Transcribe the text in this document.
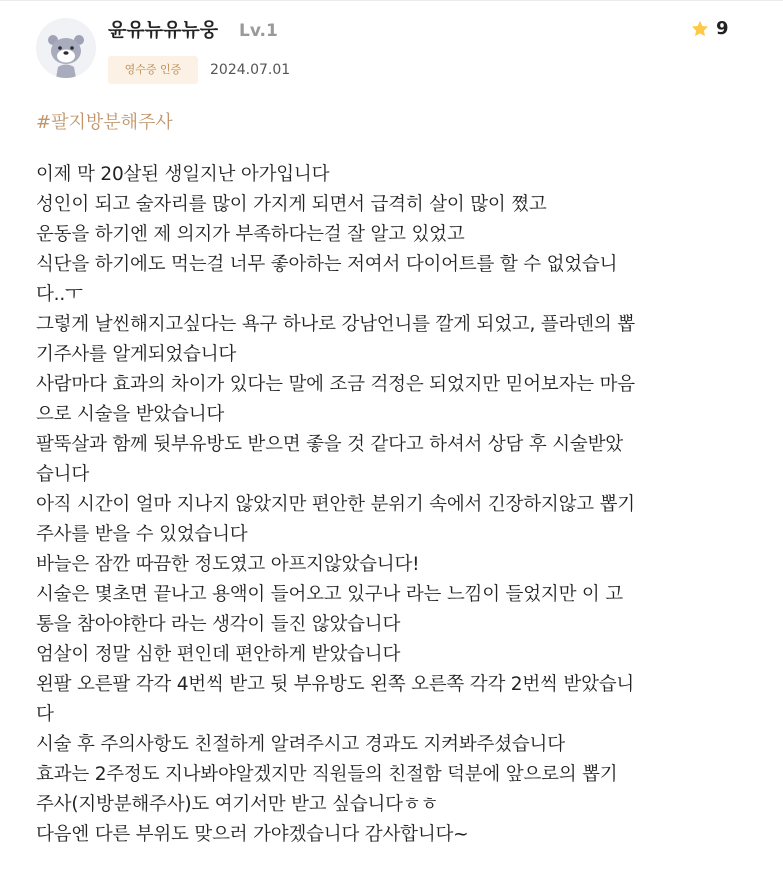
윤유뉴유뉴웅 Lv.1
영수증 인증	2024.07.01
9
#팔지방분해주사
이제 막 20살된 생일지난 아가입니다
성인이 되고 술자리를 많이 가지게 되면서 급격히 살이 많이 쪘고
운동을 하기엔 제 의지가 부족하다는걸 잘 알고 있었고
식단을 하기에도 먹는걸 너무 좋아하는 저여서 다이어트를 할 수 없었습니
다..ㅜ
그렇게 날씬해지고싶다는 욕구 하나로 강남언니를 깔게 되었고, 플라덴의 뽑
기주사를 알게되었습니다
사람마다 효과의 차이가 있다는 말에 조금 걱정은 되었지만 믿어보자는 마음
으로 시술을 받았습니다
팔뚝살과 함께 뒷부유방도 받으면 좋을 것 같다고 하셔서 상담 후 시술받았
습니다
아직 시간이 얼마 지나지 않았지만 편안한 분위기 속에서 긴장하지않고 뽑기
주사를 받을 수 있었습니다
바늘은 잠깐 따끔한 정도였고 아프지않았습니다!
시술은 몇초면 끝나고 용액이 들어오고 있구나 라는 느낌이 들었지만 이 고
통을 참아야한다 라는 생각이 들진 않았습니다
엄살이 정말 심한 편인데 편안하게 받았습니다
왼팔 오른팔 각각 4번씩 받고 뒷 부유방도 왼쪽 오른쪽 각각 2번씩 받았습니
다
시술 후 주의사항도 친절하게 알려주시고 경과도 지켜봐주셨습니다
효과는 2주정도 지나봐야알겠지만 직원들의 친절함 덕분에 앞으로의 뽑기
주사(지방분해주사)도 여기서만 받고 싶습니다ㅎㅎ
다음엔 다른 부위도 맞으러 가야겠습니다 감사합니다~
